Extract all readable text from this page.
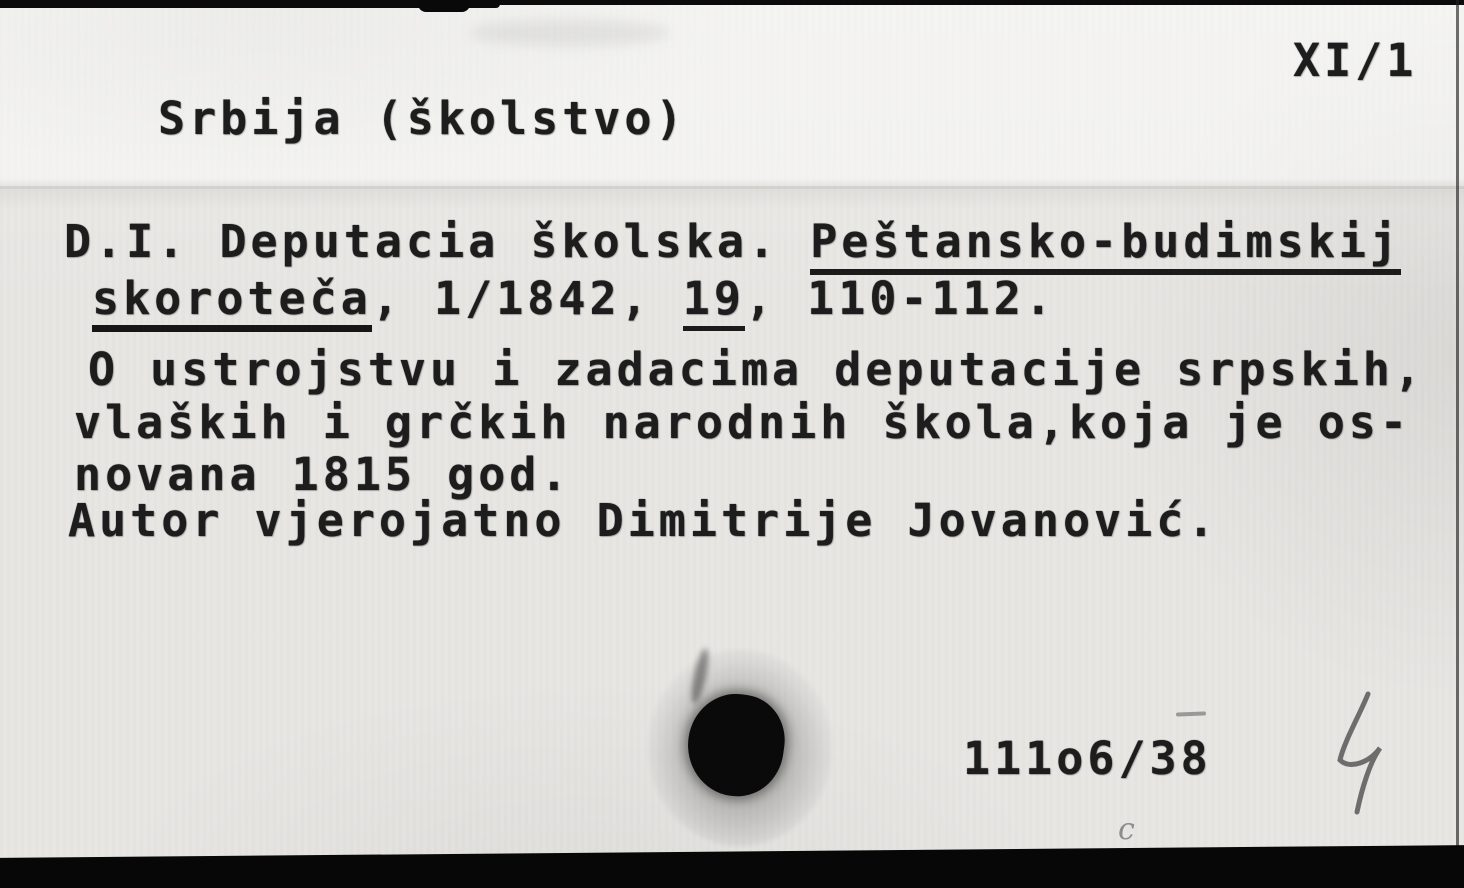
XI/1
Srbija (školstvo)
D.I. Deputacia školska. Peštansko-budimskij
skoroteča, 1/1842, 19, 110-112.
O ustrojstvu i zadacima deputacije srpskih,
vlaških i grčkih narodnih škola,koja je os-
novana 1815 god.
Autor vjerojatno Dimitrije Jovanović.
111o6/38
c
